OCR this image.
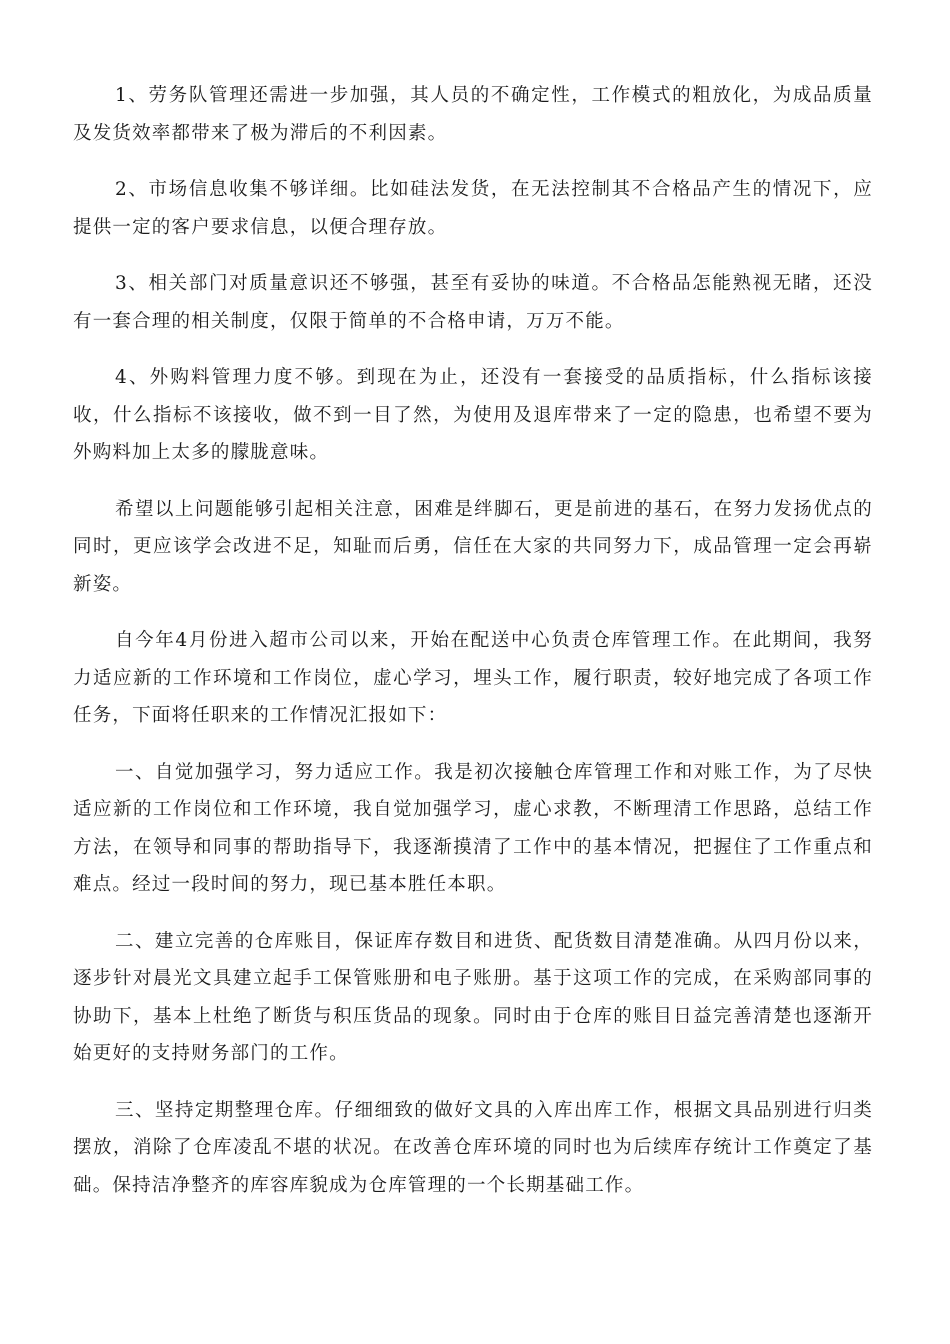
1、劳务队管理还需进一步加强，其人员的不确定性，工作模式的粗放化，为成品质量及发货效率都带来了极为滞后的不利因素。

2、市场信息收集不够详细。比如硅法发货，在无法控制其不合格品产生的情况下，应提供一定的客户要求信息，以便合理存放。

3、相关部门对质量意识还不够强，甚至有妥协的味道。不合格品怎能熟视无睹，还没有一套合理的相关制度，仅限于简单的不合格申请，万万不能。

4、外购料管理力度不够。到现在为止，还没有一套接受的品质指标，什么指标该接收，什么指标不该接收，做不到一目了然，为使用及退库带来了一定的隐患，也希望不要为外购料加上太多的朦胧意味。

希望以上问题能够引起相关注意，困难是绊脚石，更是前进的基石，在努力发扬优点的同时，更应该学会改进不足，知耻而后勇，信任在大家的共同努力下，成品管理一定会再崭新姿。

自今年4月份进入超市公司以来，开始在配送中心负责仓库管理工作。在此期间，我努力适应新的工作环境和工作岗位，虚心学习，埋头工作，履行职责，较好地完成了各项工作任务，下面将任职来的工作情况汇报如下：

一、自觉加强学习，努力适应工作。我是初次接触仓库管理工作和对账工作，为了尽快适应新的工作岗位和工作环境，我自觉加强学习，虚心求教，不断理清工作思路，总结工作方法，在领导和同事的帮助指导下，我逐渐摸清了工作中的基本情况，把握住了工作重点和难点。经过一段时间的努力，现已基本胜任本职。

二、建立完善的仓库账目，保证库存数目和进货、配货数目清楚准确。从四月份以来，逐步针对晨光文具建立起手工保管账册和电子账册。基于这项工作的完成，在采购部同事的协助下，基本上杜绝了断货与积压货品的现象。同时由于仓库的账目日益完善清楚也逐渐开始更好的支持财务部门的工作。

三、坚持定期整理仓库。仔细细致的做好文具的入库出库工作，根据文具品别进行归类摆放，消除了仓库凌乱不堪的状况。在改善仓库环境的同时也为后续库存统计工作奠定了基础。保持洁净整齐的库容库貌成为仓库管理的一个长期基础工作。
